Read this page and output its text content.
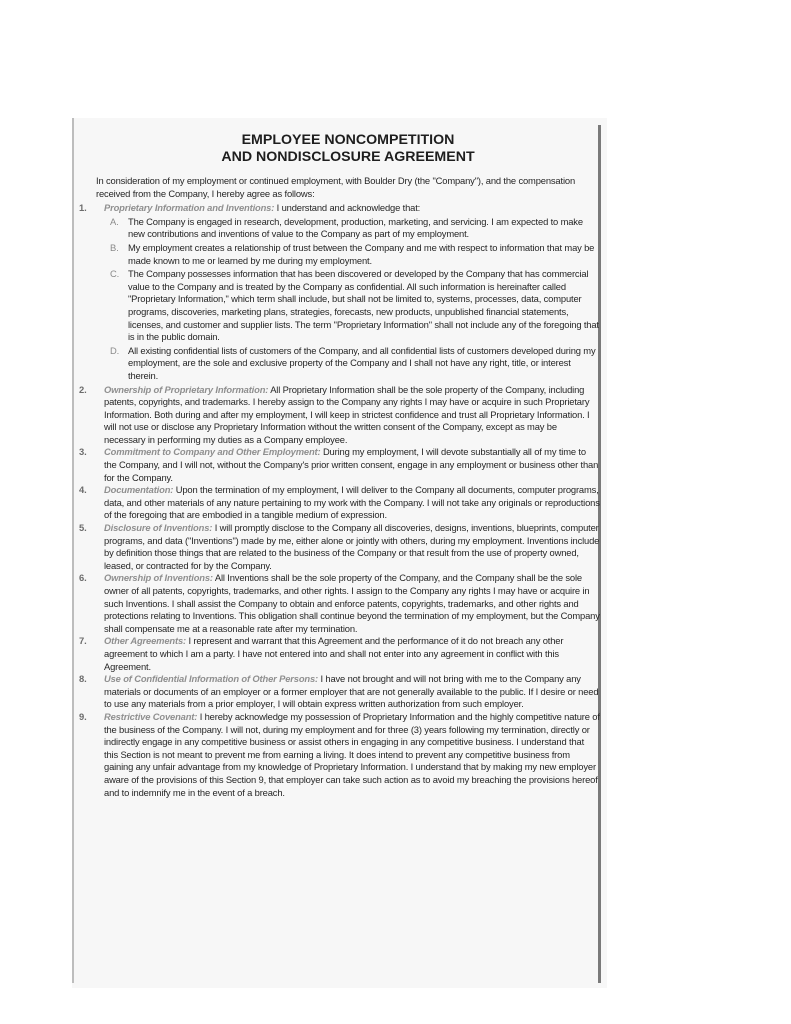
EMPLOYEE NONCOMPETITION
AND NONDISCLOSURE AGREEMENT

In consideration of my employment or continued employment, with Boulder Dry (the "Company"), and the compensation received from the Company, I hereby agree as follows:

1. Proprietary Information and Inventions: I understand and acknowledge that:
A. The Company is engaged in research, development, production, marketing, and servicing. I am expected to make new contributions and inventions of value to the Company as part of my employment.
B. My employment creates a relationship of trust between the Company and me with respect to information that may be made known to me or learned by me during my employment.
C. The Company possesses information that has been discovered or developed by the Company that has commercial value to the Company and is treated by the Company as confidential. All such information is hereinafter called "Proprietary Information," which term shall include, but shall not be limited to, systems, processes, data, computer programs, discoveries, marketing plans, strategies, forecasts, new products, unpublished financial statements, licenses, and customer and supplier lists. The term "Proprietary Information" shall not include any of the foregoing that is in the public domain.
D. All existing confidential lists of customers of the Company, and all confidential lists of customers developed during my employment, are the sole and exclusive property of the Company and I shall not have any right, title, or interest therein.
2. Ownership of Proprietary Information: All Proprietary Information shall be the sole property of the Company, including patents, copyrights, and trademarks. I hereby assign to the Company any rights I may have or acquire in such Proprietary Information. Both during and after my employment, I will keep in strictest confidence and trust all Proprietary Information. I will not use or disclose any Proprietary Information without the written consent of the Company, except as may be necessary in performing my duties as a Company employee.
3. Commitment to Company and Other Employment: During my employment, I will devote substantially all of my time to the Company, and I will not, without the Company's prior written consent, engage in any employment or business other than for the Company.
4. Documentation: Upon the termination of my employment, I will deliver to the Company all documents, computer programs, data, and other materials of any nature pertaining to my work with the Company. I will not take any originals or reproductions of the foregoing that are embodied in a tangible medium of expression.
5. Disclosure of Inventions: I will promptly disclose to the Company all discoveries, designs, inventions, blueprints, computer programs, and data ("Inventions") made by me, either alone or jointly with others, during my employment. Inventions include by definition those things that are related to the business of the Company or that result from the use of property owned, leased, or contracted for by the Company.
6. Ownership of Inventions: All Inventions shall be the sole property of the Company, and the Company shall be the sole owner of all patents, copyrights, trademarks, and other rights. I assign to the Company any rights I may have or acquire in such Inventions. I shall assist the Company to obtain and enforce patents, copyrights, trademarks, and other rights and protections relating to Inventions. This obligation shall continue beyond the termination of my employment, but the Company shall compensate me at a reasonable rate after my termination.
7. Other Agreements: I represent and warrant that this Agreement and the performance of it do not breach any other agreement to which I am a party. I have not entered into and shall not enter into any agreement in conflict with this Agreement.
8. Use of Confidential Information of Other Persons: I have not brought and will not bring with me to the Company any materials or documents of an employer or a former employer that are not generally available to the public. If I desire or need to use any materials from a prior employer, I will obtain express written authorization from such employer.
9. Restrictive Covenant: I hereby acknowledge my possession of Proprietary Information and the highly competitive nature of the business of the Company. I will not, during my employment and for three (3) years following my termination, directly or indirectly engage in any competitive business or assist others in engaging in any competitive business. I understand that this Section is not meant to prevent me from earning a living. It does intend to prevent any competitive business from gaining any unfair advantage from my knowledge of Proprietary Information. I understand that by making my new employer aware of the provisions of this Section 9, that employer can take such action as to avoid my breaching the provisions hereof and to indemnify me in the event of a breach.
